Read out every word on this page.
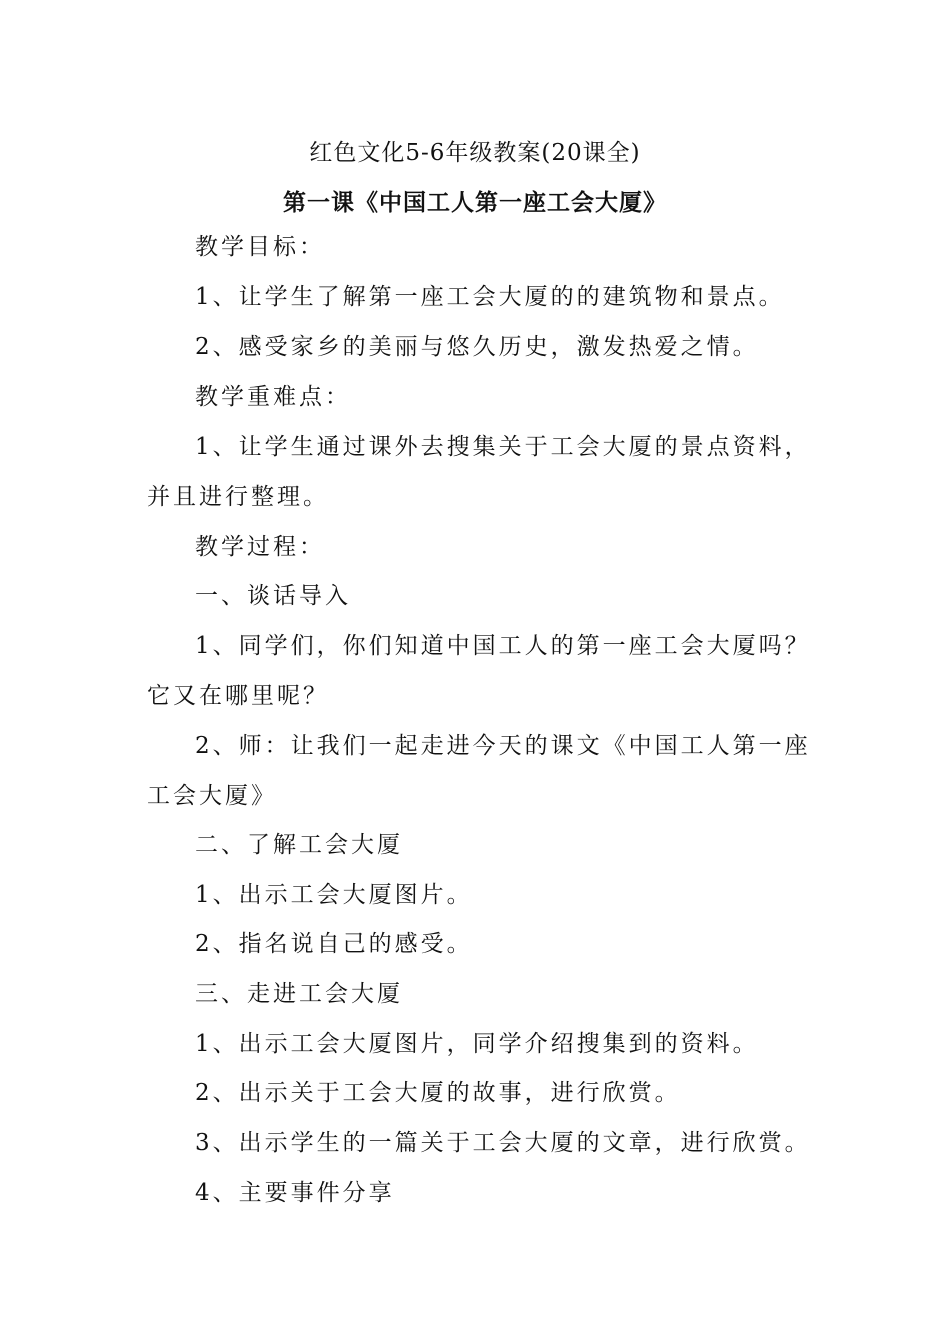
红色文化5-6年级教案(20课全)
第一课《中国工人第一座工会大厦》
教学目标：
1、让学生了解第一座工会大厦的的建筑物和景点。
2、感受家乡的美丽与悠久历史，激发热爱之情。
教学重难点：
1、让学生通过课外去搜集关于工会大厦的景点资料，
并且进行整理。
教学过程：
一、谈话导入
1、同学们，你们知道中国工人的第一座工会大厦吗？
它又在哪里呢？
2、师：让我们一起走进今天的课文《中国工人第一座
工会大厦》
二、了解工会大厦
1、出示工会大厦图片。
2、指名说自己的感受。
三、走进工会大厦
1、出示工会大厦图片，同学介绍搜集到的资料。
2、出示关于工会大厦的故事，进行欣赏。
3、出示学生的一篇关于工会大厦的文章，进行欣赏。
4、主要事件分享
